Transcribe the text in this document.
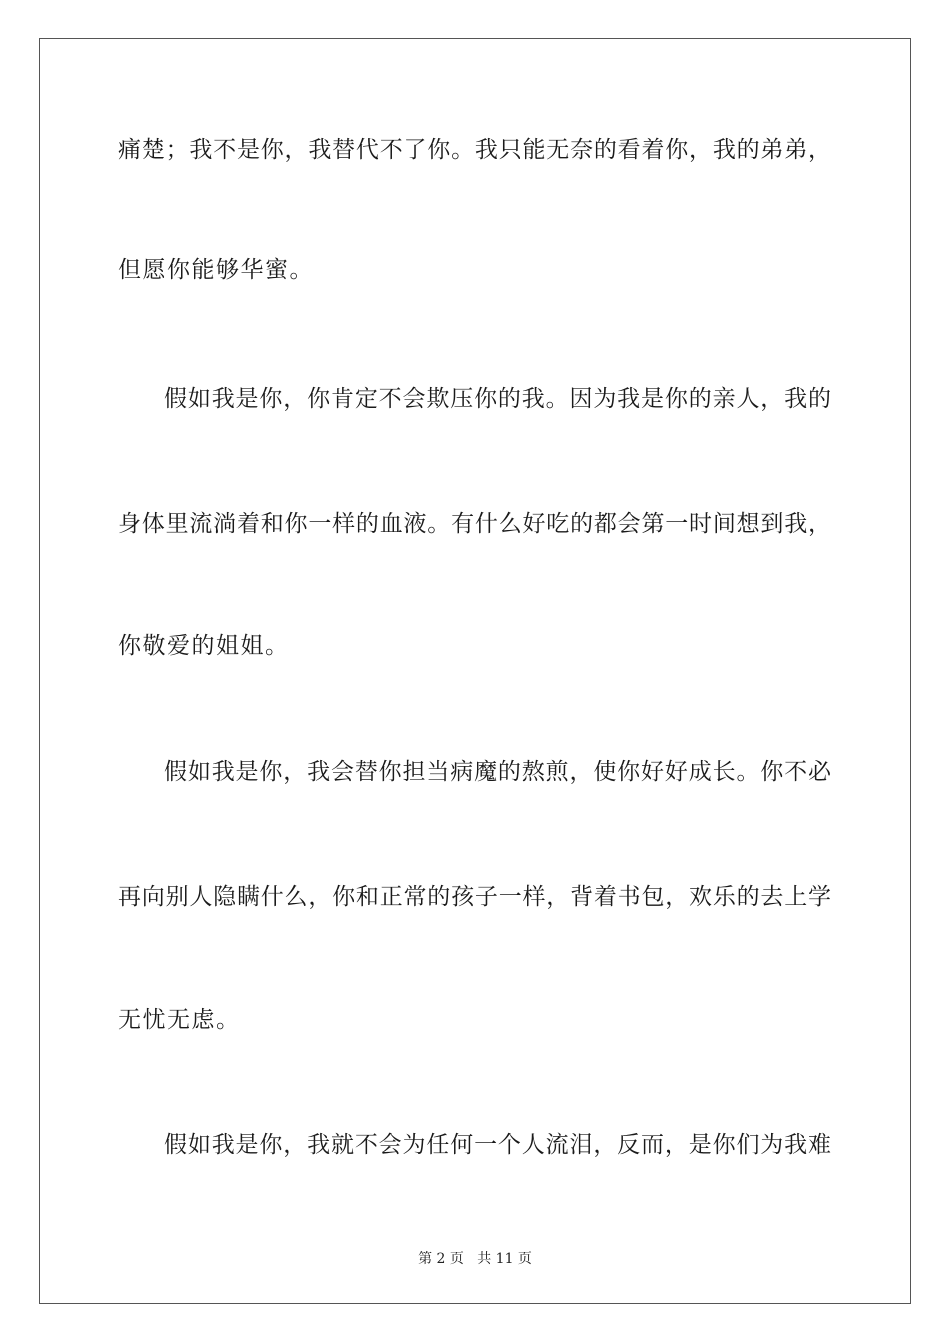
痛楚；我不是你，我替代不了你。我只能无奈的看着你，我的弟弟，
但愿你能够华蜜。
假如我是你，你肯定不会欺压你的我。因为我是你的亲人，我的
身体里流淌着和你一样的血液。有什么好吃的都会第一时间想到我，
你敬爱的姐姐。
假如我是你，我会替你担当病魔的熬煎，使你好好成长。你不必
再向别人隐瞒什么，你和正常的孩子一样，背着书包，欢乐的去上学
无忧无虑。
假如我是你，我就不会为任何一个人流泪，反而，是你们为我难
第 2 页   共 11 页
